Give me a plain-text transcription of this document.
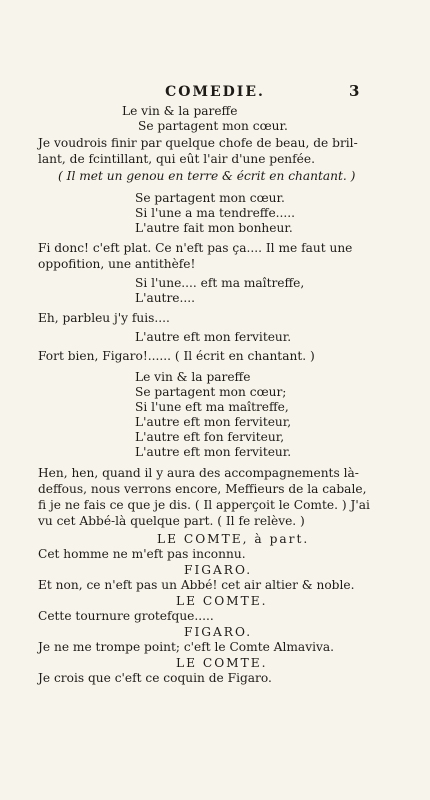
COMEDIE.	3
Le vin & la pareffe
Se partagent mon cœur.
Je voudrois finir par quelque chofe de beau, de bril-
lant, de fcintillant, qui eût l'air d'une penfée.
( Il met un genou en terre & écrit en chantant. )
Se partagent mon cœur.
Si l'une a ma tendreffe.....
L'autre fait mon bonheur.
Fi donc! c'eft plat. Ce n'eft pas ça.... Il me faut une
oppofition, une antithèfe!
Si l'une.... eft ma maîtreffe,
L'autre....
Eh, parbleu j'y fuis....
L'autre eft mon ferviteur.
Fort bien, Figaro!...... ( Il écrit en chantant. )
Le vin & la pareffe
Se partagent mon cœur;
Si l'une eft ma maîtreffe,
L'autre eft mon ferviteur,
L'autre eft fon ferviteur,
L'autre eft mon ferviteur.
Hen, hen, quand il y aura des accompagnements là-
deffous, nous verrons encore, Meffieurs de la cabale,
fi je ne fais ce que je dis. ( Il apperçoit le Comte. ) J'ai
vu cet Abbé-là quelque part. ( Il fe relève. )
LE COMTE, à part.
Cet homme ne m'eft pas inconnu.
FIGARO.
Et non, ce n'eft pas un Abbé! cet air altier & noble.
LE COMTE.
Cette tournure grotefque.....
FIGARO.
Je ne me trompe point; c'eft le Comte Almaviva.
LE COMTE.
Je crois que c'eft ce coquin de Figaro.
